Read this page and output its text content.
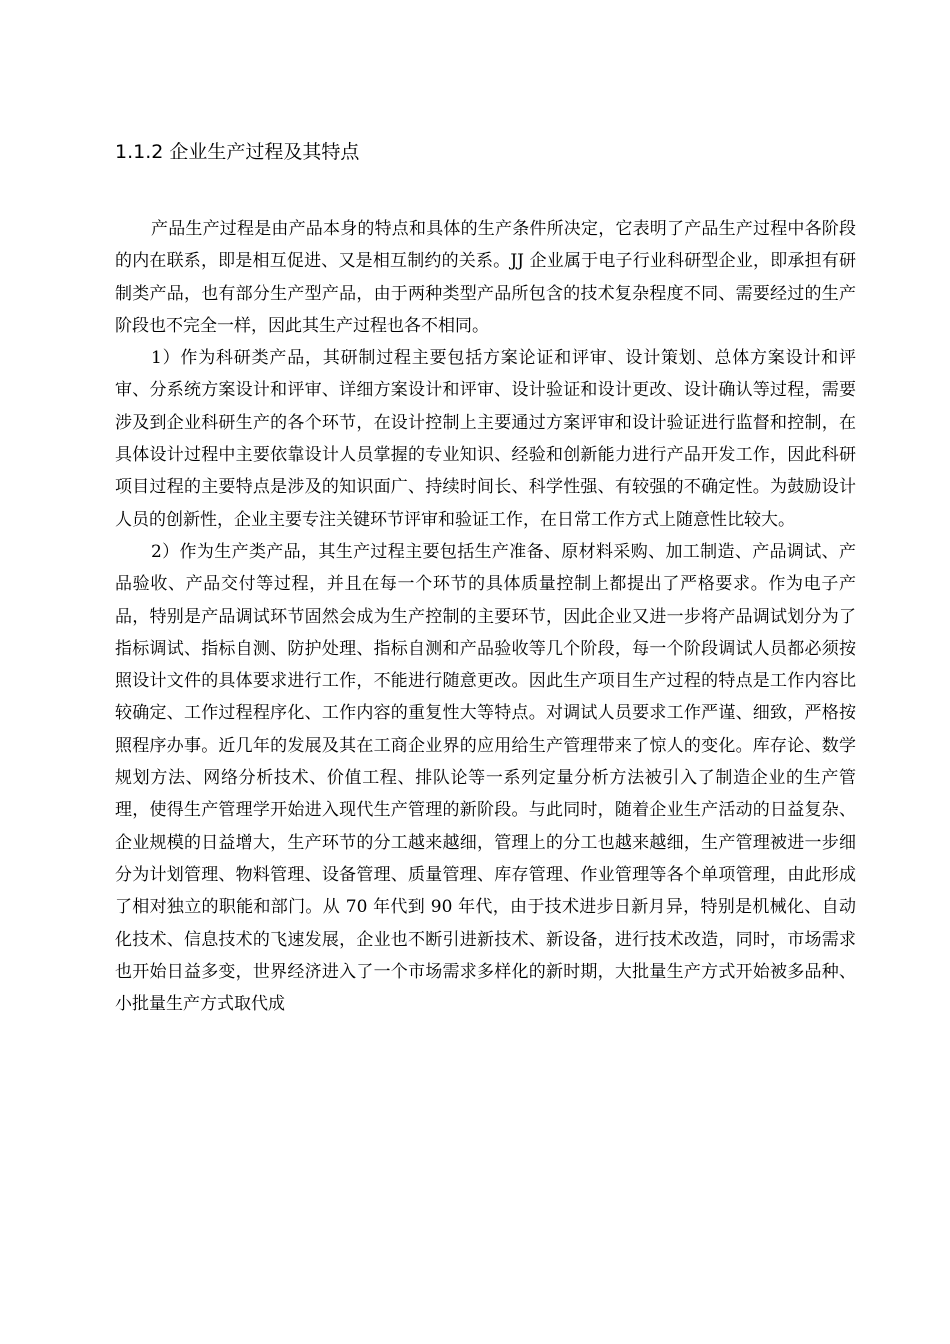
1.1.2 企业生产过程及其特点

产品生产过程是由产品本身的特点和具体的生产条件所决定，它表明了产品生产过程中各阶段的内在联系，即是相互促进、又是相互制约的关系。JJ 企业属于电子行业科研型企业，即承担有研制类产品，也有部分生产型产品，由于两种类型产品所包含的技术复杂程度不同、需要经过的生产阶段也不完全一样，因此其生产过程也各不相同。

1）作为科研类产品，其研制过程主要包括方案论证和评审、设计策划、总体方案设计和评审、分系统方案设计和评审、详细方案设计和评审、设计验证和设计更改、设计确认等过程，需要涉及到企业科研生产的各个环节，在设计控制上主要通过方案评审和设计验证进行监督和控制，在具体设计过程中主要依靠设计人员掌握的专业知识、经验和创新能力进行产品开发工作，因此科研项目过程的主要特点是涉及的知识面广、持续时间长、科学性强、有较强的不确定性。为鼓励设计人员的创新性，企业主要专注关键环节评审和验证工作，在日常工作方式上随意性比较大。

2）作为生产类产品，其生产过程主要包括生产准备、原材料采购、加工制造、产品调试、产品验收、产品交付等过程，并且在每一个环节的具体质量控制上都提出了严格要求。作为电子产品，特别是产品调试环节固然会成为生产控制的主要环节，因此企业又进一步将产品调试划分为了指标调试、指标自测、防护处理、指标自测和产品验收等几个阶段，每一个阶段调试人员都必须按照设计文件的具体要求进行工作，不能进行随意更改。因此生产项目生产过程的特点是工作内容比较确定、工作过程程序化、工作内容的重复性大等特点。对调试人员要求工作严谨、细致，严格按照程序办事。近几年的发展及其在工商企业界的应用给生产管理带来了惊人的变化。库存论、数学规划方法、网络分析技术、价值工程、排队论等一系列定量分析方法被引入了制造企业的生产管理，使得生产管理学开始进入现代生产管理的新阶段。与此同时，随着企业生产活动的日益复杂、企业规模的日益增大，生产环节的分工越来越细，管理上的分工也越来越细，生产管理被进一步细分为计划管理、物料管理、设备管理、质量管理、库存管理、作业管理等各个单项管理，由此形成了相对独立的职能和部门。从 70 年代到 90 年代，由于技术进步日新月异，特别是机械化、自动化技术、信息技术的飞速发展，企业也不断引进新技术、新设备，进行技术改造，同时，市场需求也开始日益多变，世界经济进入了一个市场需求多样化的新时期，大批量生产方式开始被多品种、小批量生产方式取代成
